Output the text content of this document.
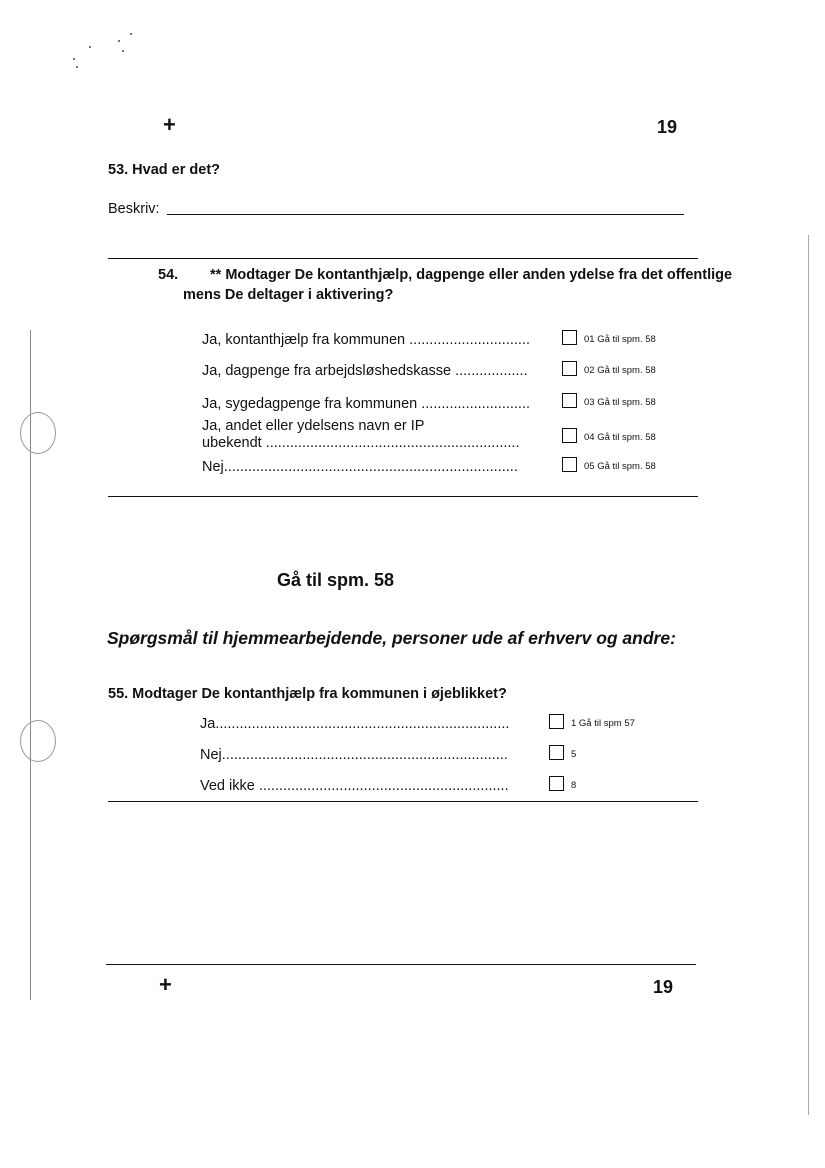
+	19
53. Hvad er det?
Beskriv:
54. ** Modtager De kontanthjælp, dagpenge eller anden ydelse fra det offentlige
mens De deltager i aktivering?
Ja, kontanthjælp fra kommunen ..............................	01 Gå til spm. 58
Ja, dagpenge fra arbejdsløshedskasse ..................	02 Gå til spm. 58
Ja, sygedagpenge fra kommunen ...........................	03 Gå til spm. 58
Ja, andet eller ydelsens navn er IP
ubekendt ...............................................................	04 Gå til spm. 58
Nej.........................................................................	05 Gå til spm. 58
Gå til spm. 58
Spørgsmål til hjemmearbejdende, personer ude af erhverv og andre:
55. Modtager De kontanthjælp fra kommunen i øjeblikket?
Ja.........................................................................	1 Gå til spm 57
Nej.......................................................................	5
Ved ikke ..............................................................	8
+	19
